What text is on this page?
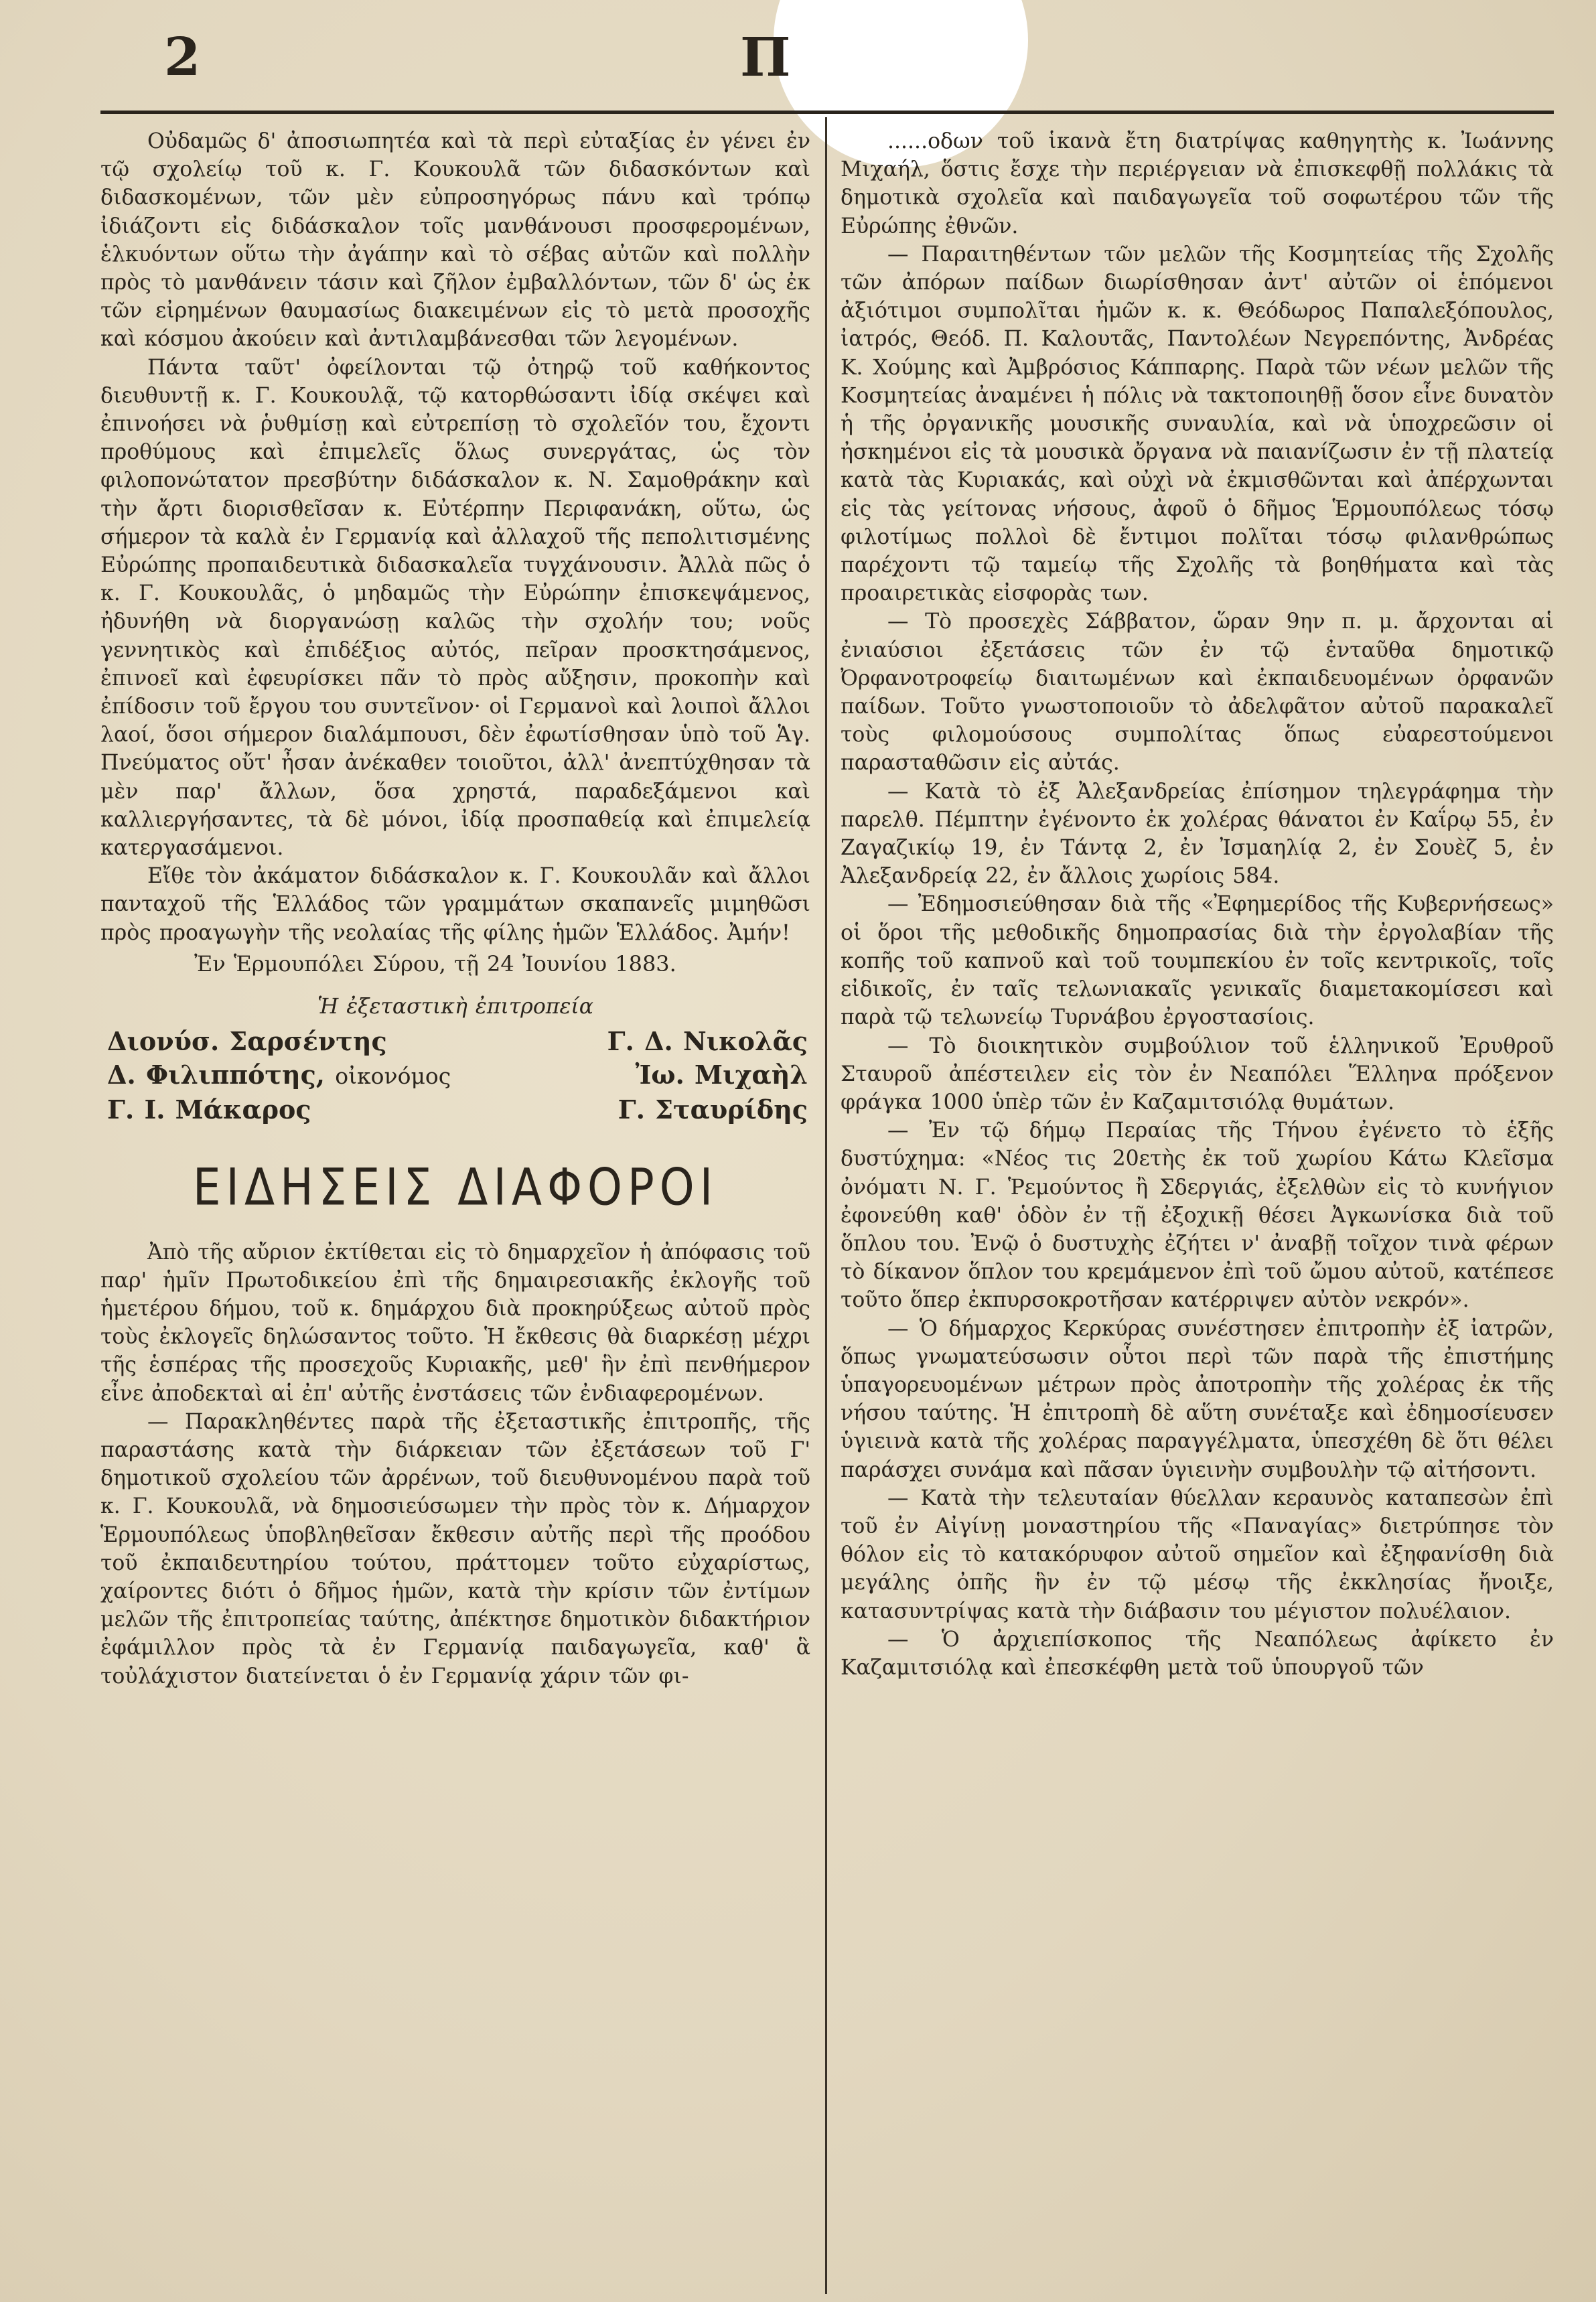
2	Π

Οὐδαμῶς δ' ἀποσιωπητέα καὶ τὰ περὶ εὐταξίας ἐν γένει ἐν τῷ σχολείῳ τοῦ κ. Γ. Κουκουλᾶ τῶν διδασκόντων καὶ διδασκομένων, τῶν μὲν εὐπροσηγόρως πάνυ καὶ τρόπῳ ἰδιάζοντι εἰς διδάσκαλον τοῖς μανθάνουσι προσφερομένων, ἑλκυόντων οὕτω τὴν ἀγάπην καὶ τὸ σέβας αὐτῶν καὶ πολλὴν πρὸς τὸ μανθάνειν τάσιν καὶ ζῆλον ἐμβαλλόντων, τῶν δ' ὡς ἐκ τῶν εἰρημένων θαυμασίως διακειμένων εἰς τὸ μετὰ προσοχῆς καὶ κόσμου ἀκούειν καὶ ἀντιλαμβάνεσθαι τῶν λεγομένων.

Πάντα ταῦτ' ὀφείλονται τῷ ὀτηρῷ τοῦ καθήκοντος διευθυντῇ κ. Γ. Κουκουλᾷ, τῷ κατορθώσαντι ἰδίᾳ σκέψει καὶ ἐπινοήσει νὰ ῥυθμίσῃ καὶ εὐτρεπίσῃ τὸ σχολεῖόν του, ἔχοντι προθύμους καὶ ἐπιμελεῖς ὅλως συνεργάτας, ὡς τὸν φιλοπονώτατον πρεσβύτην διδάσκαλον κ. Ν. Σαμοθράκην καὶ τὴν ἄρτι διορισθεῖσαν κ. Εὐτέρπην Περιφανάκη, οὕτω, ὡς σήμερον τὰ καλὰ ἐν Γερμανίᾳ καὶ ἀλλαχοῦ τῆς πεπολιτισμένης Εὐρώπης προπαιδευτικὰ διδασκαλεῖα τυγχάνουσιν. Ἀλλὰ πῶς ὁ κ. Γ. Κουκουλᾶς, ὁ μηδαμῶς τὴν Εὐρώπην ἐπισκεψάμενος, ἠδυνήθη νὰ διοργανώσῃ καλῶς τὴν σχολήν του; νοῦς γεννητικὸς καὶ ἐπιδέξιος αὐτός, πεῖραν προσκτησάμενος, ἐπινοεῖ καὶ ἐφευρίσκει πᾶν τὸ πρὸς αὔξησιν, προκοπὴν καὶ ἐπίδοσιν τοῦ ἔργου του συντεῖνον· οἱ Γερμανοὶ καὶ λοιποὶ ἄλλοι λαοί, ὅσοι σήμερον διαλάμπουσι, δὲν ἐφωτίσθησαν ὑπὸ τοῦ Ἁγ. Πνεύματος οὔτ' ἦσαν ἀνέκαθεν τοιοῦτοι, ἀλλ' ἀνεπτύχθησαν τὰ μὲν παρ' ἄλλων, ὅσα χρηστά, παραδεξάμενοι καὶ καλλιεργήσαντες, τὰ δὲ μόνοι, ἰδίᾳ προσπαθείᾳ καὶ ἐπιμελείᾳ κατεργασάμενοι.

Εἴθε τὸν ἀκάματον διδάσκαλον κ. Γ. Κουκουλᾶν καὶ ἄλλοι πανταχοῦ τῆς Ἑλλάδος τῶν γραμμάτων σκαπανεῖς μιμηθῶσι πρὸς προαγωγὴν τῆς νεολαίας τῆς φίλης ἡμῶν Ἑλλάδος. Ἀμήν!

Ἐν Ἑρμουπόλει Σύρου, τῇ 24 Ἰουνίου 1883.

Ἡ ἐξεταστικὴ ἐπιτροπεία

Διονύσ. Σαρσέντης	Γ. Δ. Νικολᾶς
Δ. Φιλιππότης, οἰκονόμος	Ἰω. Μιχαὴλ
Γ. Ι. Μάκαρος	Γ. Σταυρίδης

ΕΙΔΗΣΕΙΣ ΔΙΑΦΟΡΟΙ

Ἀπὸ τῆς αὔριον ἐκτίθεται εἰς τὸ δημαρχεῖον ἡ ἀπόφασις τοῦ παρ' ἡμῖν Πρωτοδικείου ἐπὶ τῆς δημαιρεσιακῆς ἐκλογῆς τοῦ ἡμετέρου δήμου, τοῦ κ. δημάρχου διὰ προκηρύξεως αὐτοῦ πρὸς τοὺς ἐκλογεῖς δηλώσαντος τοῦτο. Ἡ ἔκθεσις θὰ διαρκέσῃ μέχρι τῆς ἑσπέρας τῆς προσεχοῦς Κυριακῆς, μεθ' ἣν ἐπὶ πενθήμερον εἶνε ἀποδεκταὶ αἱ ἐπ' αὐτῆς ἐνστάσεις τῶν ἐνδιαφερομένων.

— Παρακληθέντες παρὰ τῆς ἐξεταστικῆς ἐπιτροπῆς, τῆς παραστάσης κατὰ τὴν διάρκειαν τῶν ἐξετάσεων τοῦ Γ' δημοτικοῦ σχολείου τῶν ἀρρένων, τοῦ διευθυνομένου παρὰ τοῦ κ. Γ. Κουκουλᾶ, νὰ δημοσιεύσωμεν τὴν πρὸς τὸν κ. Δήμαρχον Ἑρμουπόλεως ὑποβληθεῖσαν ἔκθεσιν αὐτῆς περὶ τῆς προόδου τοῦ ἐκπαιδευτηρίου τούτου, πράττομεν τοῦτο εὐχαρίστως, χαίροντες διότι ὁ δῆμος ἡμῶν, κατὰ τὴν κρίσιν τῶν ἐντίμων μελῶν τῆς ἐπιτροπείας ταύτης, ἀπέκτησε δημοτικὸν διδακτήριον ἐφάμιλλον πρὸς τὰ ἐν Γερμανίᾳ παιδαγωγεῖα, καθ' ἃ τοὐλάχιστον διατείνεται ὁ ἐν Γερμανίᾳ χάριν τῶν φι-

......οδων τοῦ ἱκανὰ ἔτη διατρίψας καθηγητὴς κ. Ἰωάννης Μιχαήλ, ὅστις ἔσχε τὴν περιέργειαν νὰ ἐπισκεφθῇ πολλάκις τὰ δημοτικὰ σχολεῖα καὶ παιδαγωγεῖα τοῦ σοφωτέρου τῶν τῆς Εὐρώπης ἐθνῶν.

— Παραιτηθέντων τῶν μελῶν τῆς Κοσμητείας τῆς Σχολῆς τῶν ἀπόρων παίδων διωρίσθησαν ἀντ' αὐτῶν οἱ ἑπόμενοι ἀξιότιμοι συμπολῖται ἡμῶν κ. κ. Θεόδωρος Παπαλεξόπουλος, ἰατρός, Θεόδ. Π. Καλουτᾶς, Παντολέων Νεγρεπόντης, Ἀνδρέας Κ. Χούμης καὶ Ἀμβρόσιος Κάππαρης. Παρὰ τῶν νέων μελῶν τῆς Κοσμητείας ἀναμένει ἡ πόλις νὰ τακτοποιηθῇ ὅσον εἶνε δυνατὸν ἡ τῆς ὀργανικῆς μουσικῆς συναυλία, καὶ νὰ ὑποχρεῶσιν οἱ ἠσκημένοι εἰς τὰ μουσικὰ ὄργανα νὰ παιανίζωσιν ἐν τῇ πλατείᾳ κατὰ τὰς Κυριακάς, καὶ οὐχὶ νὰ ἐκμισθῶνται καὶ ἀπέρχωνται εἰς τὰς γείτονας νήσους, ἀφοῦ ὁ δῆμος Ἑρμουπόλεως τόσῳ φιλοτίμως πολλοὶ δὲ ἔντιμοι πολῖται τόσῳ φιλανθρώπως παρέχοντι τῷ ταμείῳ τῆς Σχολῆς τὰ βοηθήματα καὶ τὰς προαιρετικὰς εἰσφορὰς των.

— Τὸ προσεχὲς Σάββατον, ὥραν 9ην π. μ. ἄρχονται αἱ ἐνιαύσιοι ἐξετάσεις τῶν ἐν τῷ ἐνταῦθα δημοτικῷ Ὀρφανοτροφείῳ διαιτωμένων καὶ ἐκπαιδευομένων ὀρφανῶν παίδων. Τοῦτο γνωστοποιοῦν τὸ ἀδελφᾶτον αὐτοῦ παρακαλεῖ τοὺς φιλομούσους συμπολίτας ὅπως εὐαρεστούμενοι παρασταθῶσιν εἰς αὐτάς.

— Κατὰ τὸ ἐξ Ἀλεξανδρείας ἐπίσημον τηλεγράφημα τὴν παρελθ. Πέμπτην ἐγένοντο ἐκ χολέρας θάνατοι ἐν Καΐρῳ 55, ἐν Ζαγαζικίῳ 19, ἐν Τάντᾳ 2, ἐν Ἰσμαηλίᾳ 2, ἐν Σουὲζ 5, ἐν Ἀλεξανδρείᾳ 22, ἐν ἄλλοις χωρίοις 584.

— Ἐδημοσιεύθησαν διὰ τῆς «Ἐφημερίδος τῆς Κυβερνήσεως» οἱ ὅροι τῆς μεθοδικῆς δημοπρασίας διὰ τὴν ἐργολαβίαν τῆς κοπῆς τοῦ καπνοῦ καὶ τοῦ τουμπεκίου ἐν τοῖς κεντρικοῖς, τοῖς εἰδικοῖς, ἐν ταῖς τελωνιακαῖς γενικαῖς διαμετακομίσεσι καὶ παρὰ τῷ τελωνείῳ Τυρνάβου ἐργοστασίοις.

— Τὸ διοικητικὸν συμβούλιον τοῦ ἑλληνικοῦ Ἐρυθροῦ Σταυροῦ ἀπέστειλεν εἰς τὸν ἐν Νεαπόλει Ἕλληνα πρόξενον φράγκα 1000 ὑπὲρ τῶν ἐν Καζαμιτσιόλᾳ θυμάτων.

— Ἐν τῷ δήμῳ Περαίας τῆς Τήνου ἐγένετο τὸ ἑξῆς δυστύχημα: «Νέος τις 20ετὴς ἐκ τοῦ χωρίου Κάτω Κλεῖσμα ὀνόματι Ν. Γ. Ῥεμούντος ἢ Σδεργιάς, ἐξελθὼν εἰς τὸ κυνήγιον ἐφονεύθη καθ' ὁδὸν ἐν τῇ ἐξοχικῇ θέσει Ἀγκωνίσκα διὰ τοῦ ὅπλου του. Ἐνῷ ὁ δυστυχὴς ἐζήτει ν' ἀναβῇ τοῖχον τινὰ φέρων τὸ δίκανον ὅπλον του κρεμάμενον ἐπὶ τοῦ ὤμου αὐτοῦ, κατέπεσε τοῦτο ὅπερ ἐκπυρσοκροτῆσαν κατέρριψεν αὐτὸν νεκρόν».

— Ὁ δήμαρχος Κερκύρας συνέστησεν ἐπιτροπὴν ἐξ ἰατρῶν, ὅπως γνωματεύσωσιν οὗτοι περὶ τῶν παρὰ τῆς ἐπιστήμης ὑπαγορευομένων μέτρων πρὸς ἀποτροπὴν τῆς χολέρας ἐκ τῆς νήσου ταύτης. Ἡ ἐπιτροπὴ δὲ αὕτη συνέταξε καὶ ἐδημοσίευσεν ὑγιεινὰ κατὰ τῆς χολέρας παραγγέλματα, ὑπεσχέθη δὲ ὅτι θέλει παράσχει συνάμα καὶ πᾶσαν ὑγιεινὴν συμβουλὴν τῷ αἰτήσοντι.

— Κατὰ τὴν τελευταίαν θύελλαν κεραυνὸς καταπεσὼν ἐπὶ τοῦ ἐν Αἰγίνῃ μοναστηρίου τῆς «Παναγίας» διετρύπησε τὸν θόλον εἰς τὸ κατακόρυφον αὐτοῦ σημεῖον καὶ ἐξηφανίσθη διὰ μεγάλης ὀπῆς ἣν ἐν τῷ μέσῳ τῆς ἐκκλησίας ἤνοιξε, κατασυντρίψας κατὰ τὴν διάβασιν του μέγιστον πολυέλαιον.

— Ὁ ἀρχιεπίσκοπος τῆς Νεαπόλεως ἀφίκετο ἐν Καζαμιτσιόλᾳ καὶ ἐπεσκέφθη μετὰ τοῦ ὑπουργοῦ τῶν
